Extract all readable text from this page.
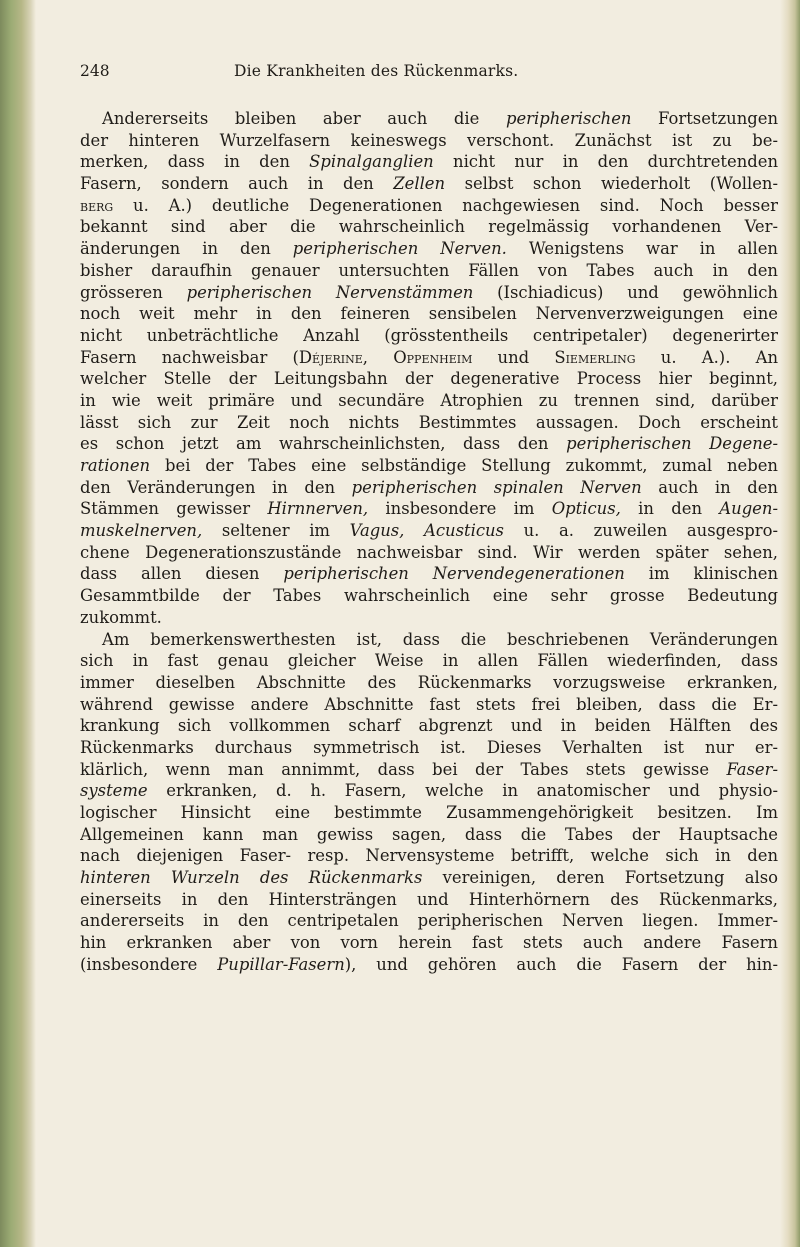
248	Die Krankheiten des Rückenmarks.
Andererseits bleiben aber auch die peripherischen Fortsetzungen
der hinteren Wurzelfasern keineswegs verschont. Zunächst ist zu be-
merken, dass in den Spinalganglien nicht nur in den durchtretenden
Fasern, sondern auch in den Zellen selbst schon wiederholt (Wollen-
berg u. A.) deutliche Degenerationen nachgewiesen sind. Noch besser
bekannt sind aber die wahrscheinlich regelmässig vorhandenen Ver-
änderungen in den peripherischen Nerven. Wenigstens war in allen
bisher daraufhin genauer untersuchten Fällen von Tabes auch in den
grösseren peripherischen Nervenstämmen (Ischiadicus) und gewöhnlich
noch weit mehr in den feineren sensibelen Nervenverzweigungen eine
nicht unbeträchtliche Anzahl (grösstentheils centripetaler) degenerirter
Fasern nachweisbar (Déjerine, Oppenheim und Siemerling u. A.). An
welcher Stelle der Leitungsbahn der degenerative Process hier beginnt,
in wie weit primäre und secundäre Atrophien zu trennen sind, darüber
lässt sich zur Zeit noch nichts Bestimmtes aussagen. Doch erscheint
es schon jetzt am wahrscheinlichsten, dass den peripherischen Degene-
rationen bei der Tabes eine selbständige Stellung zukommt, zumal neben
den Veränderungen in den peripherischen spinalen Nerven auch in den
Stämmen gewisser Hirnnerven, insbesondere im Opticus, in den Augen-
muskelnerven, seltener im Vagus, Acusticus u. a. zuweilen ausgespro-
chene Degenerationszustände nachweisbar sind. Wir werden später sehen,
dass allen diesen peripherischen Nervendegenerationen im klinischen
Gesammtbilde der Tabes wahrscheinlich eine sehr grosse Bedeutung
zukommt.
Am bemerkenswerthesten ist, dass die beschriebenen Veränderungen
sich in fast genau gleicher Weise in allen Fällen wiederfinden, dass
immer dieselben Abschnitte des Rückenmarks vorzugsweise erkranken,
während gewisse andere Abschnitte fast stets frei bleiben, dass die Er-
krankung sich vollkommen scharf abgrenzt und in beiden Hälften des
Rückenmarks durchaus symmetrisch ist. Dieses Verhalten ist nur er-
klärlich, wenn man annimmt, dass bei der Tabes stets gewisse Faser-
systeme erkranken, d. h. Fasern, welche in anatomischer und physio-
logischer Hinsicht eine bestimmte Zusammengehörigkeit besitzen. Im
Allgemeinen kann man gewiss sagen, dass die Tabes der Hauptsache
nach diejenigen Faser- resp. Nervensysteme betrifft, welche sich in den
hinteren Wurzeln des Rückenmarks vereinigen, deren Fortsetzung also
einerseits in den Hintersträngen und Hinterhörnern des Rückenmarks,
andererseits in den centripetalen peripherischen Nerven liegen. Immer-
hin erkranken aber von vorn herein fast stets auch andere Fasern
(insbesondere Pupillar-Fasern), und gehören auch die Fasern der hin-
